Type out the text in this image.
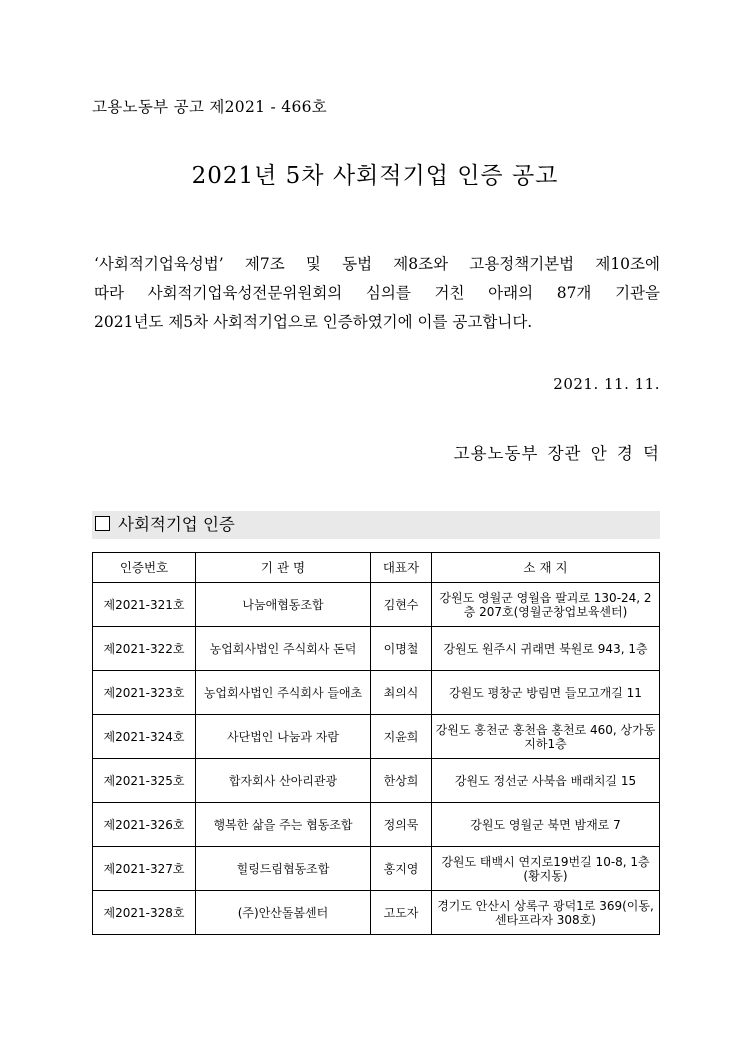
고용노동부 공고 제2021 - 466호
2021년 5차 사회적기업 인증 공고

‘사회적기업육성법’ 제7조 및 동법 제8조와 고용정책기본법 제10조에

따라 사회적기업육성전문위원회의 심의를 거친 아래의 87개 기관을

2021년도 제5차 사회적기업으로 인증하였기에 이를 공고합니다.

2021. 11. 11.
고용노동부 장관 안 경 덕
사회적기업 인증
인증번호	기 관 명	대표자	소 재 지
제2021-321호	나눔애협동조합	김현수	강원도 영월군 영월읍 팔괴로 130-24, 2층 207호(영월군창업보육센터)
제2021-322호	농업회사법인 주식회사 돈덕	이명철	강원도 원주시 귀래면 북원로 943, 1층
제2021-323호	농업회사법인 주식회사 들애초	최의식	강원도 평창군 방림면 들모고개길 11
제2021-324호	사단법인 나눔과 자람	지윤희	강원도 홍천군 홍천읍 홍천로 460, 상가동 지하1층
제2021-325호	합자회사 산아리관광	한상희	강원도 정선군 사북읍 배래치길 15
제2021-326호	행복한 삶을 주는 협동조합	정의묵	강원도 영월군 북면 밤재로 7
제2021-327호	힐링드림협동조합	홍지영	강원도 태백시 연지로19번길 10-8, 1층(황지동)
제2021-328호	(주)안산돌봄센터	고도자	경기도 안산시 상록구 광덕1로 369(이동, 센타프라자 308호)
